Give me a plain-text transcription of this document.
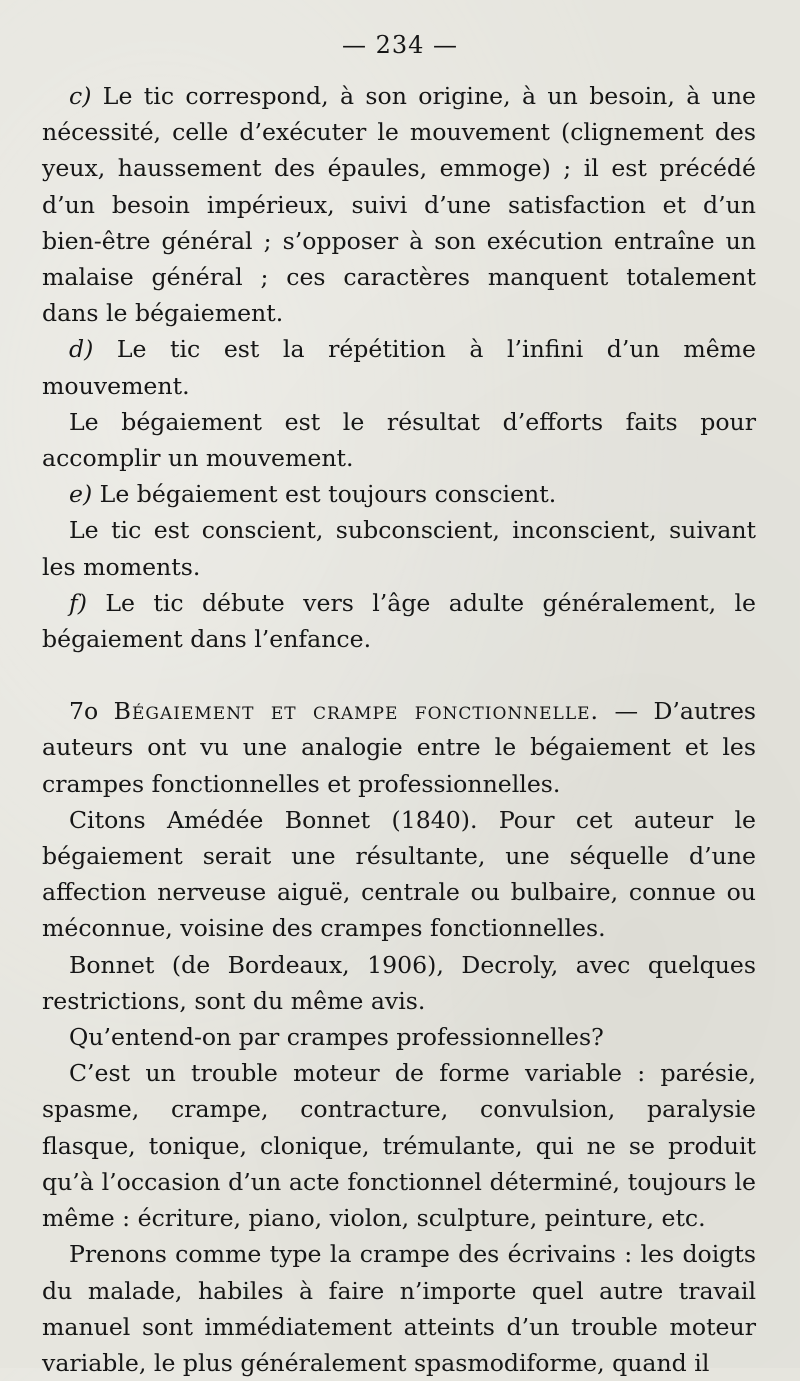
— 234 —

c) Le tic correspond, à son origine, à un besoin, à une nécessité, celle d’exécuter le mouvement (clignement des yeux, haussement des épaules, emmoge) ; il est précédé d’un besoin impérieux, suivi d’une satisfaction et d’un bien-être général ; s’opposer à son exécution entraîne un malaise général ; ces caractères manquent totalement dans le bégaiement.

d) Le tic est la répétition à l’infini d’un même mouvement.

Le bégaiement est le résultat d’efforts faits pour accomplir un mouvement.

e) Le bégaiement est toujours conscient.

Le tic est conscient, subconscient, inconscient, suivant les moments.

f) Le tic débute vers l’âge adulte généralement, le bégaiement dans l’enfance.

7o Bégaiement et crampe fonctionnelle. — D’autres auteurs ont vu une analogie entre le bégaiement et les crampes fonctionnelles et professionnelles.

Citons Amédée Bonnet (1840). Pour cet auteur le bégaiement serait une résultante, une séquelle d’une affection nerveuse aiguë, centrale ou bulbaire, connue ou méconnue, voisine des crampes fonctionnelles.

Bonnet (de Bordeaux, 1906), Decroly, avec quelques restrictions, sont du même avis.

Qu’entend-on par crampes professionnelles?

C’est un trouble moteur de forme variable : parésie, spasme, crampe, contracture, convulsion, paralysie flasque, tonique, clonique, trémulante, qui ne se produit qu’à l’occasion d’un acte fonctionnel déterminé, toujours le même : écriture, piano, violon, sculpture, peinture, etc.

Prenons comme type la crampe des écrivains : les doigts du malade, habiles à faire n’importe quel autre travail manuel sont immédiatement atteints d’un trouble moteur variable, le plus généralement spasmodiforme, quand il
